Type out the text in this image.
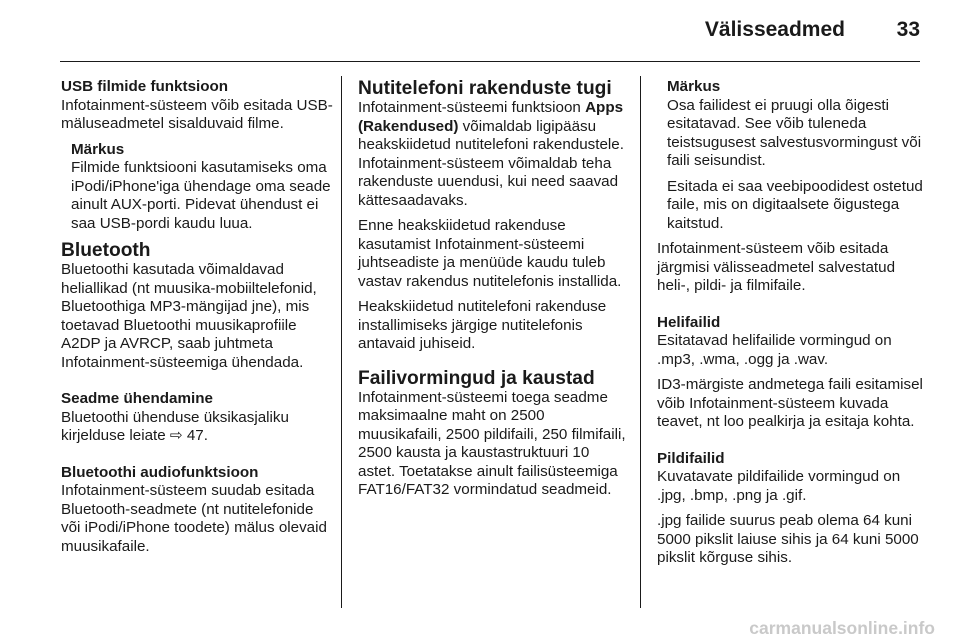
Välisseadmed	33
USB filmide funktsioon

Infotainment-süsteem võib esitada USB-mäluseadmetel sisalduvaid filme.

Märkus

Filmide funktsiooni kasutamiseks oma iPodi/iPhone'iga ühendage oma seade ainult AUX-porti. Pidevat ühendust ei saa USB-pordi kaudu luua.

Bluetooth

Bluetoothi kasutada võimaldavad heliallikad (nt muusika-mobiiltelefonid, Bluetoothiga MP3-mängijad jne), mis toetavad Bluetoothi muusikaprofiile A2DP ja AVRCP, saab juhtmeta Infotainment-süsteemiga ühendada.

Seadme ühendamine

Bluetoothi ühenduse üksikasjaliku kirjelduse leiate ⇨ 47.

Bluetoothi audiofunktsioon

Infotainment-süsteem suudab esitada Bluetooth-seadmete (nt nutitelefonide või iPodi/iPhone toodete) mälus olevaid muusikafaile.

Nutitelefoni rakenduste tugi

Infotainment-süsteemi funktsioon Apps (Rakendused) võimaldab ligipääsu heakskiidetud nutitelefoni rakendustele. Infotainment-süsteem võimaldab teha rakenduste uuendusi, kui need saavad kättesaadavaks.

Enne heakskiidetud rakenduse kasutamist Infotainment-süsteemi juhtseadiste ja menüüde kaudu tuleb vastav rakendus nutitelefonis installida.

Heakskiidetud nutitelefoni rakenduse installimiseks järgige nutitelefonis antavaid juhiseid.

Failivormingud ja kaustad

Infotainment-süsteemi toega seadme maksimaalne maht on 2500 muusikafaili, 2500 pildifaili, 250 filmifaili, 2500 kausta ja kaustastruktuuri 10 astet. Toetatakse ainult failisüsteemiga FAT16/FAT32 vormindatud seadmeid.

Märkus

Osa failidest ei pruugi olla õigesti esitatavad. See võib tuleneda teistsugusest salvestusvormingust või faili seisundist.

Esitada ei saa veebipoodidest ostetud faile, mis on digitaalsete õigustega kaitstud.

Infotainment-süsteem võib esitada järgmisi välisseadmetel salvestatud heli-, pildi- ja filmifaile.

Helifailid

Esitatavad helifailide vormingud on .mp3, .wma, .ogg ja .wav.

ID3-märgiste andmetega faili esitamisel võib Infotainment-süsteem kuvada teavet, nt loo pealkirja ja esitaja kohta.

Pildifailid

Kuvatavate pildifailide vormingud on .jpg, .bmp, .png ja .gif.

.jpg failide suurus peab olema 64 kuni 5000 pikslit laiuse sihis ja 64 kuni 5000 pikslit kõrguse sihis.

carmanualsonline.info
